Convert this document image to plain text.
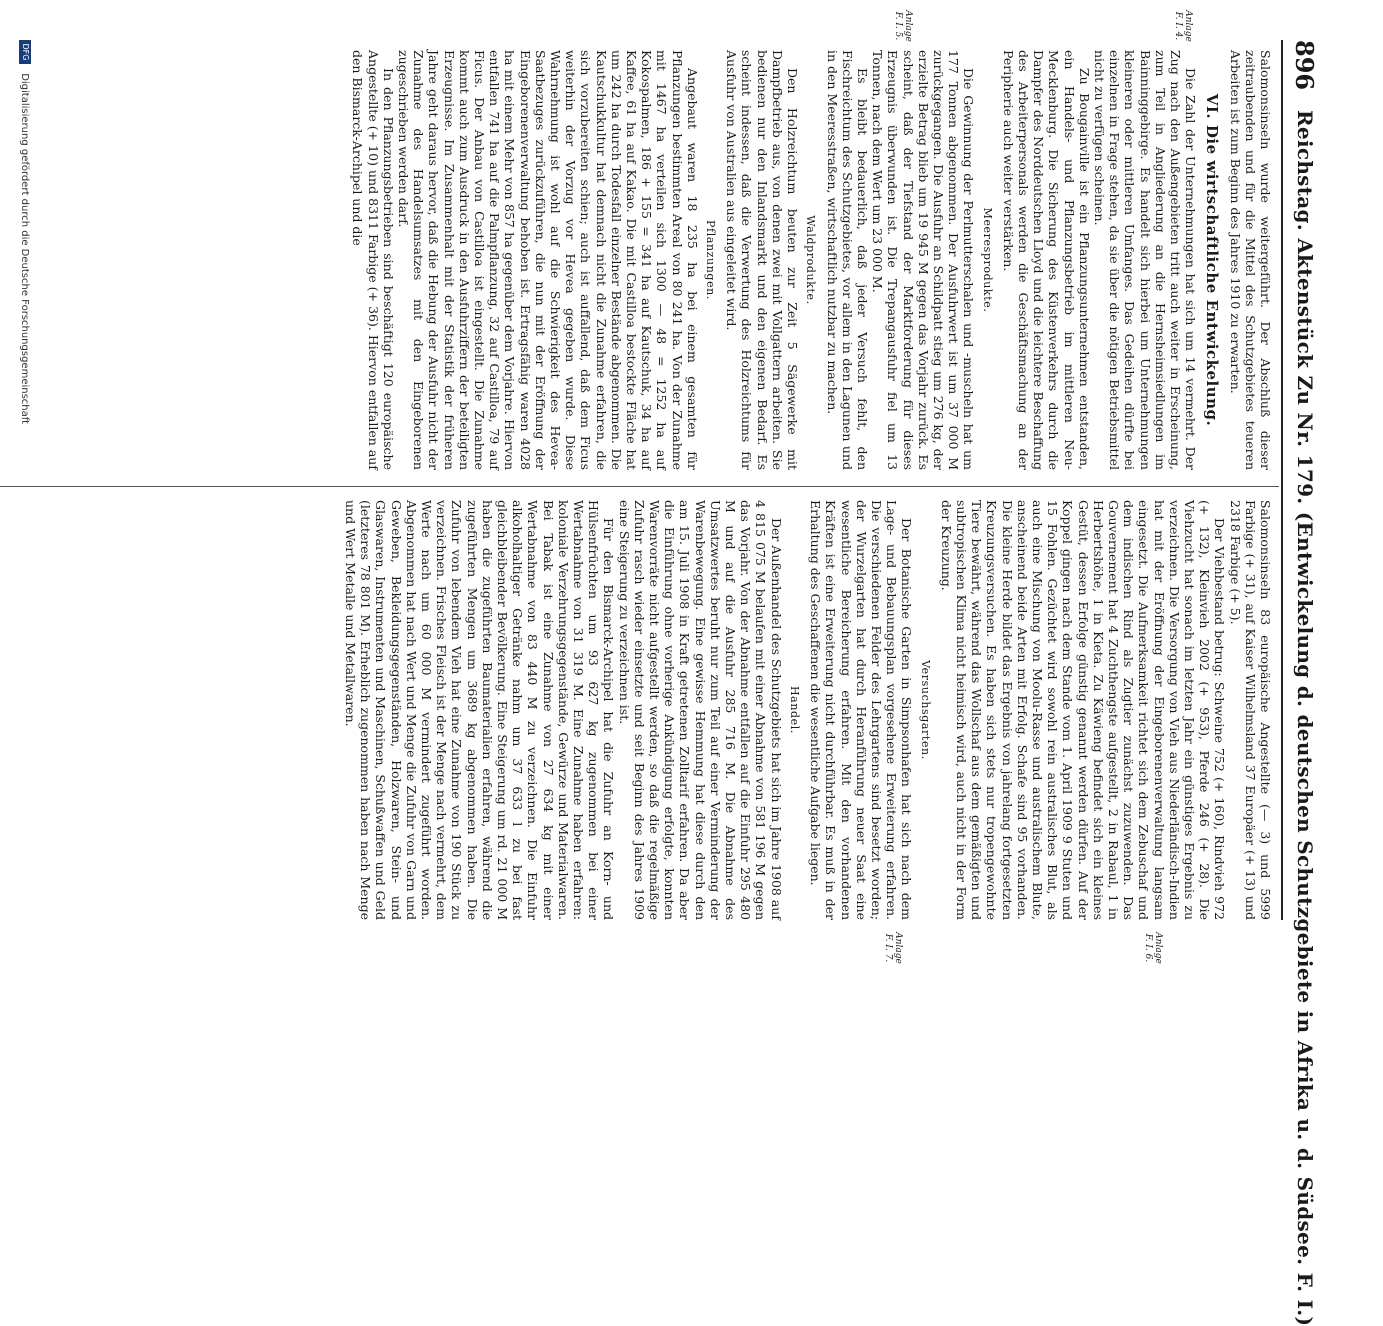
896
Reichstag. Aktenstück Zu Nr. 179. (Entwickelung d. deutschen Schutzgebiete in Afrika u. d. Südsee. F. I.)
Anlage F. I. 4.
Anlage F. I. 5.
Anlage F. I. 6.
Anlage F. I. 7.

Salomonsinseln wurde weitergeführt. Der Abschluß dieser zeitraubenden und für die Mittel des Schutzgebietes teueren Arbeiten ist zum Beginn des Jahres 1910 zu erwarten.

VI. Die wirtschaftliche Entwickelung.

Die Zahl der Unternehmungen hat sich um 14 vermehrt. Der Zug nach den Außengebieten tritt auch weiter in Erscheinung, zum Teil in Angliederung an die Hernsheimsiedlungen im Bainninggebirge. Es handelt sich hierbei um Unternehmungen kleineren oder mittleren Umfanges. Das Gedeihen dürfte bei einzelnen in Frage stehen, da sie über die nötigen Betriebsmittel nicht zu verfügen scheinen.

Zu Bougainville ist ein Pflanzungsunternehmen entstanden, ein Handels- und Pflanzungsbetrieb im mittleren Neu-Mecklenburg. Die Sicherung des Küstenverkehrs durch die Dampfer des Norddeutschen Lloyd und die leichtere Beschaffung des Arbeiterpersonals werden die Geschäftsmachung an der Peripherie auch weiter verstärken.

Meeresprodukte.

Die Gewinnung der Perlmutterschalen und -muscheln hat um 177 Tonnen abgenommen. Der Ausfuhrwert ist um 37 000 M zurückgegangen. Die Ausfuhr an Schildpatt stieg um 276 kg, der erzielte Betrag blieb um 19 945 M gegen das Vorjahr zurück. Es scheint, daß der Tiefstand der Marktforderung für dieses Erzeugnis überwunden ist. Die Trepangausfuhr fiel um 13 Tonnen, nach dem Wert um 23 000 M.

Es bleibt bedauerlich, daß jeder Versuch fehlt, den Fischreichtum des Schutzgebietes, vor allem in den Lagunen und in den Meeresstraßen, wirtschaftlich nutzbar zu machen.

Waldprodukte.

Den Holzreichtum beuten zur Zeit 5 Sägewerke mit Dampfbetrieb aus, von denen zwei mit Vollgattern arbeiten. Sie bedienen nur den Inlandsmarkt und den eigenen Bedarf. Es scheint indessen, daß die Verwertung des Holzreichtums für Ausfuhr von Australien aus eingeleitet wird.

Pflanzungen.

Angebaut waren 18 235 ha bei einem gesamten für Pflanzungen bestimmten Areal von 80 241 ha. Von der Zunahme mit 1467 ha verteilen sich 1300 — 48 = 1252 ha auf Kokospalmen, 186 + 155 = 341 ha auf Kautschuk, 34 ha auf Kaffee, 61 ha auf Kakao. Die mit Castilloa bestockte Fläche hat um 242 ha durch Todesfall einzelner Bestände abgenommen. Die Kautschukkultur hat demnach nicht die Zunahme erfahren, die sich vorzubereiten schien; auch ist auffallend, daß dem Ficus weiterhin der Vorzug vor Hevea gegeben wurde. Diese Wahrnehmung ist wohl auf die Schwierigkeit des Hevea-Saatbezuges zurückzuführen, die nun mit der Eröffnung der Eingeborenenverwaltung behoben ist. Ertragsfähig waren 4028 ha mit einem Mehr von 857 ha gegenüber dem Vorjahre. Hiervon entfallen 741 ha auf die Palmpflanzung, 32 auf Castilloa, 79 auf Ficus. Der Anbau von Castilloa ist eingestellt. Die Zunahme kommt auch zum Ausdruck in den Ausfuhrziffern der beteiligten Erzeugnisse. Im Zusammenhalt mit der Statistik der früheren Jahre geht daraus hervor, daß die Hebung der Ausfuhr nicht der Zunahme des Handelsumsatzes mit den Eingeborenen zugeschrieben werden darf.

In den Pflanzungsbetrieben sind beschäftigt 120 europäische Angestellte (+ 10) und 8311 Farbige (+ 36). Hiervon entfallen auf den Bismarck-Archipel und die

Salomonsinseln 83 europäische Angestellte (— 3) und 5999 Farbige (+ 31), auf Kaiser Wilhelmsland 37 Europäer (+ 13) und 2318 Farbige (+ 5).

Der Viehbestand betrug: Schweine 752 (+ 160), Rindvieh 972 (+ 132), Kleinvieh 2002 (+ 953), Pferde 246 (+ 28). Die Viehzucht hat sonach im letzten Jahr ein günstiges Ergebnis zu verzeichnen. Die Versorgung von Vieh aus Niederländisch-Indien hat mit der Eröffnung der Eingeborenenverwaltung langsam eingesetzt. Die Aufmerksamkeit richtet sich dem Zebuschaf und dem indischen Rind als Zugtier zunächst zuzuwenden. Das Gouvernement hat 4 Zuchthengste aufgestellt, 2 in Rabaul, 1 in Herbertshöhe, 1 in Kieta. Zu Käwieng befindet sich ein kleines Gestüt, dessen Erfolge günstig genannt werden dürfen. Auf der Koppel gingen nach dem Stande vom 1. April 1909 9 Stuten und 15 Fohlen. Gezüchtet wird sowohl rein australisches Blut, als auch eine Mischung von Moolu-Rasse und australischem Blute, anscheinend beide Arten mit Erfolg. Schafe sind 95 vorhanden. Die kleine Herde bildet das Ergebnis von jahrelang fortgesetzten Kreuzungsversuchen. Es haben sich stets nur tropengewohnte Tiere bewährt, während das Wollschaf aus dem gemäßigten und subtropischen Klima nicht heimisch wird, auch nicht in der Form der Kreuzung.

Versuchsgarten.

Der Botanische Garten in Simpsonhafen hat sich nach dem Lage- und Bebauungsplan vorgesehene Erweiterung erfahren. Die verschiedenen Felder des Lehrgartens sind besetzt worden; der Wurzelgarten hat durch Heranführung neuer Saat eine wesentliche Bereicherung erfahren. Mit den vorhandenen Kräften ist eine Erweiterung nicht durchführbar. Es muß in der Erhaltung des Geschaffenen die wesentliche Aufgabe liegen.

Handel.

Der Außenhandel des Schutzgebiets hat sich im Jahre 1908 auf 4 815 075 M belaufen mit einer Abnahme von 581 196 M gegen das Vorjahr. Von der Abnahme entfallen auf die Einfuhr 295 480 M und auf die Ausfuhr 285 716 M. Die Abnahme des Umsatzwertes beruht nur zum Teil auf einer Verminderung der Warenbewegung. Eine gewisse Hemmung hat diese durch den am 15. Juli 1908 in Kraft getretenen Zolltarif erfahren. Da aber die Einführung ohne vorherige Ankündigung erfolgte, konnten Warenvorräte nicht aufgestellt werden, so daß die regelmäßige Zufuhr rasch wieder einsetzte und seit Beginn des Jahres 1909 eine Steigerung zu verzeichnen ist.

Für den Bismarck-Archipel hat die Zufuhr an Korn- und Hülsenfrüchten um 93 627 kg zugenommen bei einer Wertabnahme von 31 319 M. Eine Zunahme haben erfahren: koloniale Verzehrungsgegenstände, Gewürze und Materialwaren. Bei Tabak ist eine Zunahme von 27 634 kg mit einer Wertabnahme von 83 440 M zu verzeichnen. Die Einfuhr alkoholhaltiger Getränke nahm um 37 633 l zu bei fast gleichbleibender Bevölkerung. Eine Steigerung um rd. 21 000 M haben die zugeführten Baumaterialien erfahren, während die zugeführten Mengen um 3689 kg abgenommen haben. Die Zufuhr von lebendem Vieh hat eine Zunahme von 190 Stück zu verzeichnen. Frisches Fleisch ist der Menge nach vermehrt, dem Werte nach um 60 000 M vermindert zugeführt worden. Abgenommen hat nach Wert und Menge die Zufuhr von Garn und Geweben, Bekleidungsgegenständen, Holzwaren, Stein- und Glaswaren, Instrumenten und Maschinen, Schußwaffen und Geld (letzteres 78 801 M). Erheblich zugenommen haben nach Menge und Wert Metalle und Metallwaren.

DFG Digitalisierung gefördert durch die Deutsche Forschungsgemeinschaft
